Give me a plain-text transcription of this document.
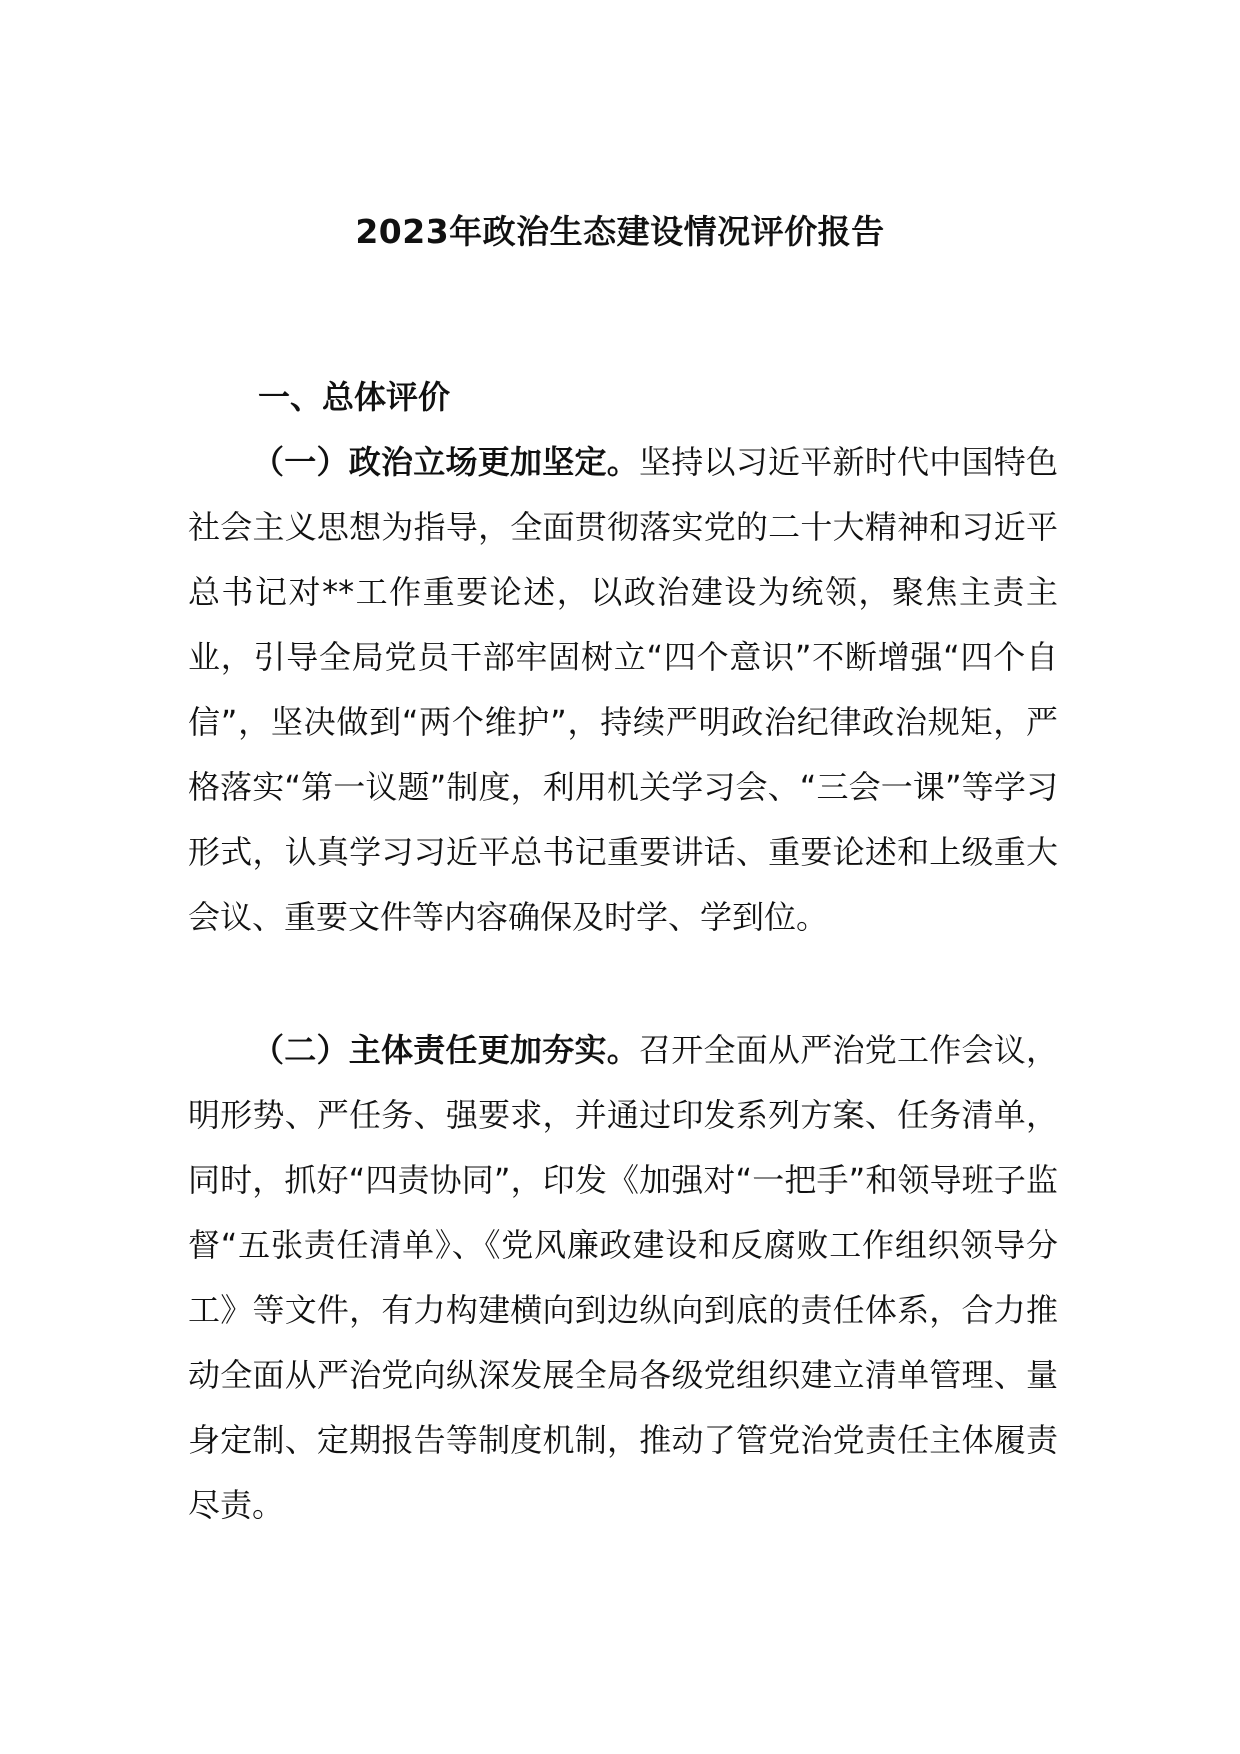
2023年政治生态建设情况评价报告
一、总体评价

（一）政治立场更加坚定。坚持以习近平新时代中国特色社会主义思想为指导，全面贯彻落实党的二十大精神和习近平总书记对**工作重要论述，以政治建设为统领，聚焦主责主业，引导全局党员干部牢固树立“四个意识”不断增强“四个自信”，坚决做到“两个维护”，持续严明政治纪律政治规矩，严格落实“第一议题”制度，利用机关学习会、“三会一课”等学习形式，认真学习习近平总书记重要讲话、重要论述和上级重大会议、重要文件等内容确保及时学、学到位。

（二）主体责任更加夯实。召开全面从严治党工作会议，明形势、严任务、强要求，并通过印发系列方案、任务清单，同时，抓好“四责协同”，印发《加强对“一把手”和领导班子监督“五张责任清单》、《党风廉政建设和反腐败工作组织领导分工》等文件，有力构建横向到边纵向到底的责任体系，合力推动全面从严治党向纵深发展全局各级党组织建立清单管理、量身定制、定期报告等制度机制，推动了管党治党责任主体履责尽责。
